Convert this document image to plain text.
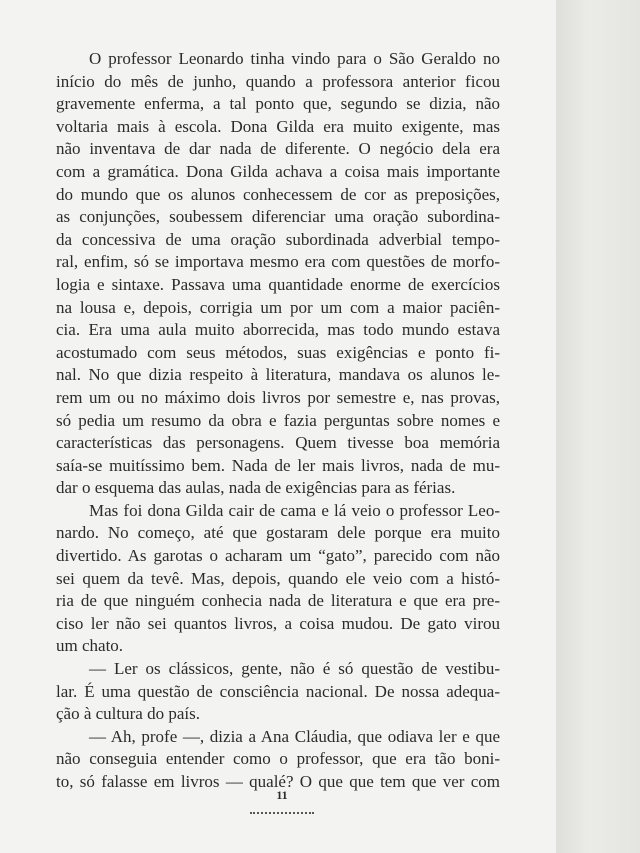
O professor Leonardo tinha vindo para o São Geraldo no
início do mês de junho, quando a professora anterior ficou
gravemente enferma, a tal ponto que, segundo se dizia, não
voltaria mais à escola. Dona Gilda era muito exigente, mas
não inventava de dar nada de diferente. O negócio dela era
com a gramática. Dona Gilda achava a coisa mais importante
do mundo que os alunos conhecessem de cor as preposições,
as conjunções, soubessem diferenciar uma oração subordina-
da concessiva de uma oração subordinada adverbial tempo-
ral, enfim, só se importava mesmo era com questões de morfo-
logia e sintaxe. Passava uma quantidade enorme de exercícios
na lousa e, depois, corrigia um por um com a maior paciên-
cia. Era uma aula muito aborrecida, mas todo mundo estava
acostumado com seus métodos, suas exigências e ponto fi-
nal. No que dizia respeito à literatura, mandava os alunos le-
rem um ou no máximo dois livros por semestre e, nas provas,
só pedia um resumo da obra e fazia perguntas sobre nomes e
características das personagens. Quem tivesse boa memória
saía-se muitíssimo bem. Nada de ler mais livros, nada de mu-
dar o esquema das aulas, nada de exigências para as férias.
Mas foi dona Gilda cair de cama e lá veio o professor Leo-
nardo. No começo, até que gostaram dele porque era muito
divertido. As garotas o acharam um “gato”, parecido com não
sei quem da tevê. Mas, depois, quando ele veio com a histó-
ria de que ninguém conhecia nada de literatura e que era pre-
ciso ler não sei quantos livros, a coisa mudou. De gato virou
um chato.
— Ler os clássicos, gente, não é só questão de vestibu-
lar. É uma questão de consciência nacional. De nossa adequa-
ção à cultura do país.
— Ah, profe —, dizia a Ana Cláudia, que odiava ler e que
não conseguia entender como o professor, que era tão boni-
to, só falasse em livros — qualé? O que que tem que ver com
11
